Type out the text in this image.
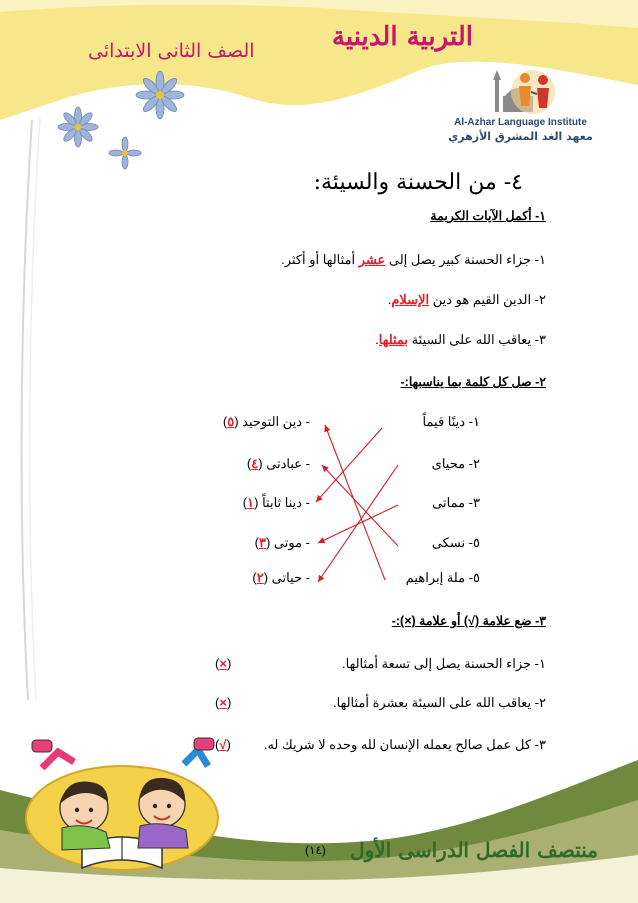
التربية الدينية
الصف الثانى الابتدائى
Al-Azhar Language Institute
معهد الغد المشرق الأزهري
٤- من الحسنة والسيئة:
١- أكمل الآيات الكريمة
١- جزاء الحسنة كبير يصل إلى عشر أمثالها أو أكثر.
٢- الدين القيم هو دين الإسلام.
٣- يعاقب الله على السيئة بمثلها.
٢- صل كل كلمة بما يناسبها:-
١- دينًا قيماً
٢- محياى
٣- مماتى
٥- نسكى
٥- ملة إبراهيم
- دين التوحيد (٥)
- عبادتى (٤)
- دينا ثابتاً (١)
- موتى (٣)
- حياتى (٢)
٣- ضع علامة (√) أو علامة (×):-
١- جزاء الحسنة يصل إلى تسعة أمثالها.
(×)
٢- يعاقب الله على السيئة بعشرة أمثالها.
(×)
٣- كل عمل صالح يعمله الإنسان لله وحده لا شريك له.
(√)
منتصف الفصل الدراسى الأول
(١٤)
